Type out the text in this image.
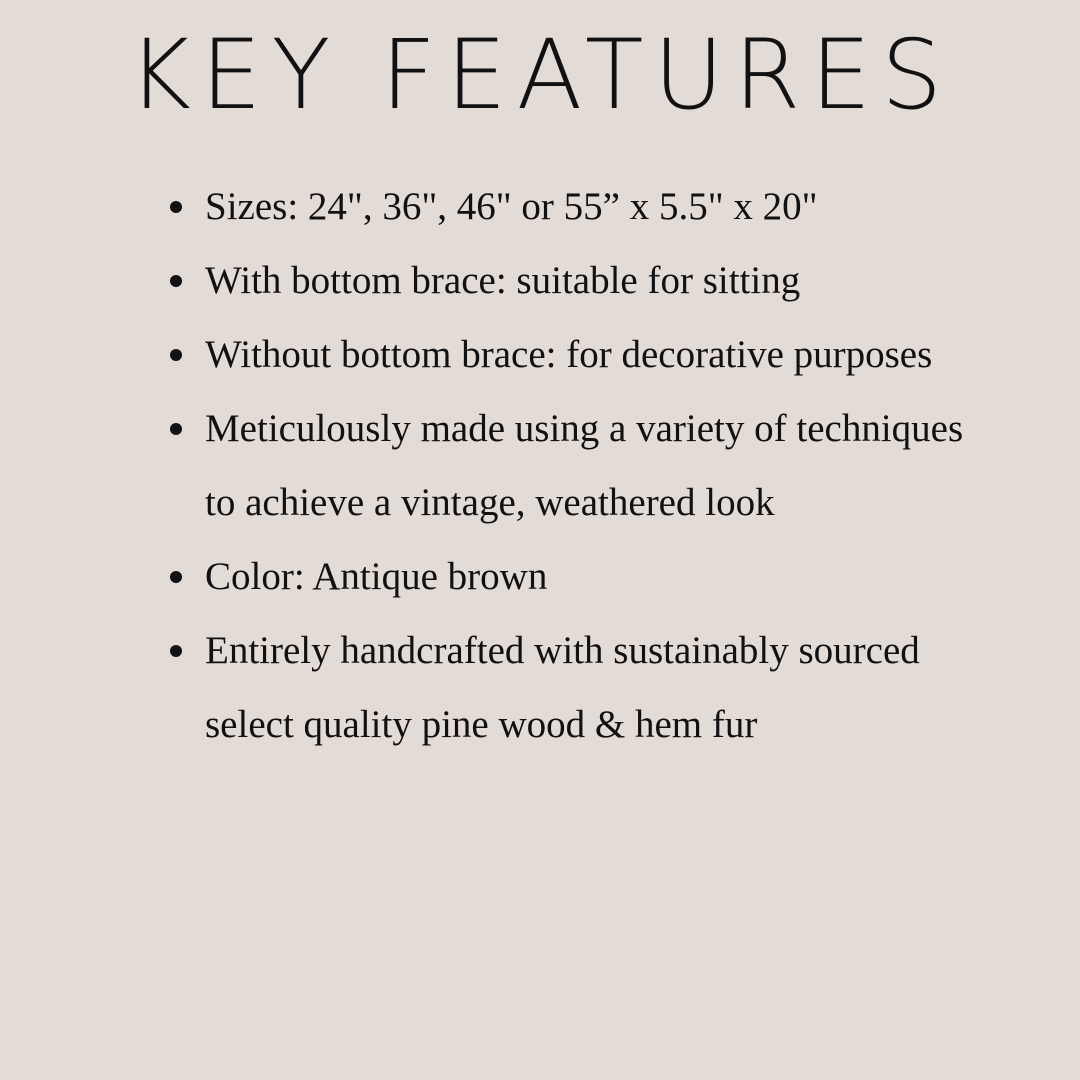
KEY FEATURES
Sizes: 24", 36", 46" or 55” x 5.5" x 20"
With bottom brace: suitable for sitting
Without bottom brace: for decorative purposes
Meticulously made using a variety of techniques to achieve a vintage, weathered look
Color: Antique brown
Entirely handcrafted with sustainably sourced select quality pine wood & hem fur
